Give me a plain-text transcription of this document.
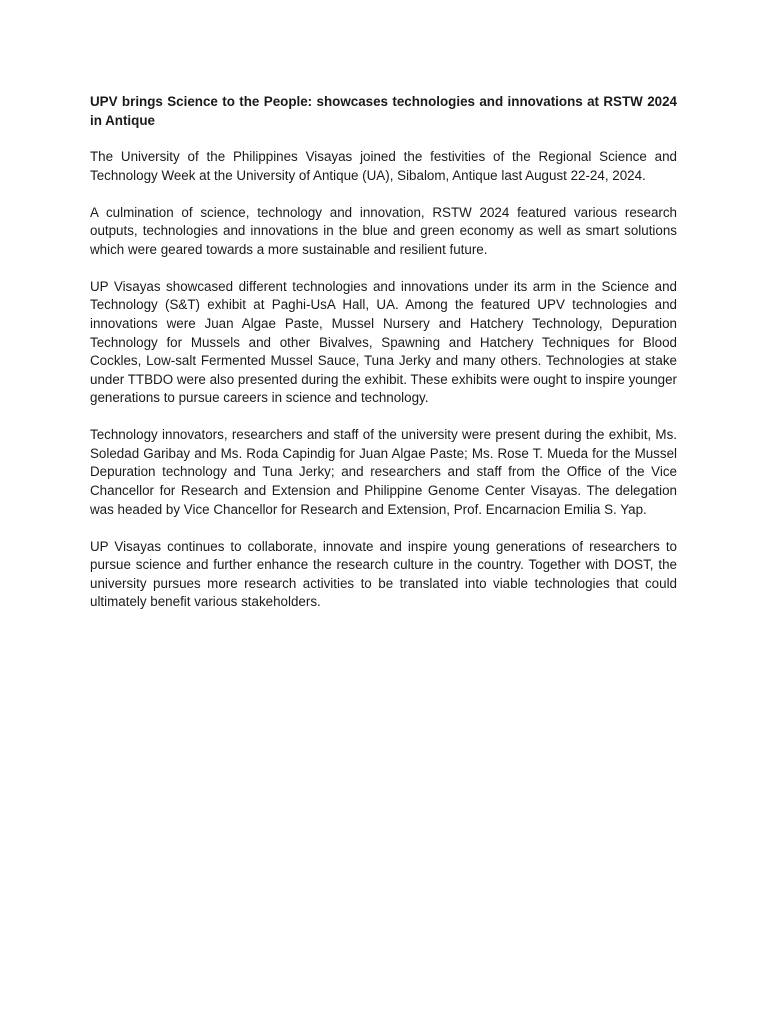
UPV brings Science to the People: showcases technologies and innovations at RSTW 2024 in Antique

The University of the Philippines Visayas joined the festivities of the Regional Science and Technology Week at the University of Antique (UA), Sibalom, Antique last August 22-24, 2024.

A culmination of science, technology and innovation, RSTW 2024 featured various research outputs, technologies and innovations in the blue and green economy as well as smart solutions which were geared towards a more sustainable and resilient future.

UP Visayas showcased different technologies and innovations under its arm in the Science and Technology (S&T) exhibit at Paghi-UsA Hall, UA. Among the featured UPV technologies and innovations were Juan Algae Paste, Mussel Nursery and Hatchery Technology, Depuration Technology for Mussels and other Bivalves, Spawning and Hatchery Techniques for Blood Cockles, Low-salt Fermented Mussel Sauce, Tuna Jerky and many others. Technologies at stake under TTBDO were also presented during the exhibit. These exhibits were ought to inspire younger generations to pursue careers in science and technology.

Technology innovators, researchers and staff of the university were present during the exhibit, Ms. Soledad Garibay and Ms. Roda Capindig for Juan Algae Paste; Ms. Rose T. Mueda for the Mussel Depuration technology and Tuna Jerky; and researchers and staff from the Office of the Vice Chancellor for Research and Extension and Philippine Genome Center Visayas. The delegation was headed by Vice Chancellor for Research and Extension, Prof. Encarnacion Emilia S. Yap.

UP Visayas continues to collaborate, innovate and inspire young generations of researchers to pursue science and further enhance the research culture in the country. Together with DOST, the university pursues more research activities to be translated into viable technologies that could ultimately benefit various stakeholders.
